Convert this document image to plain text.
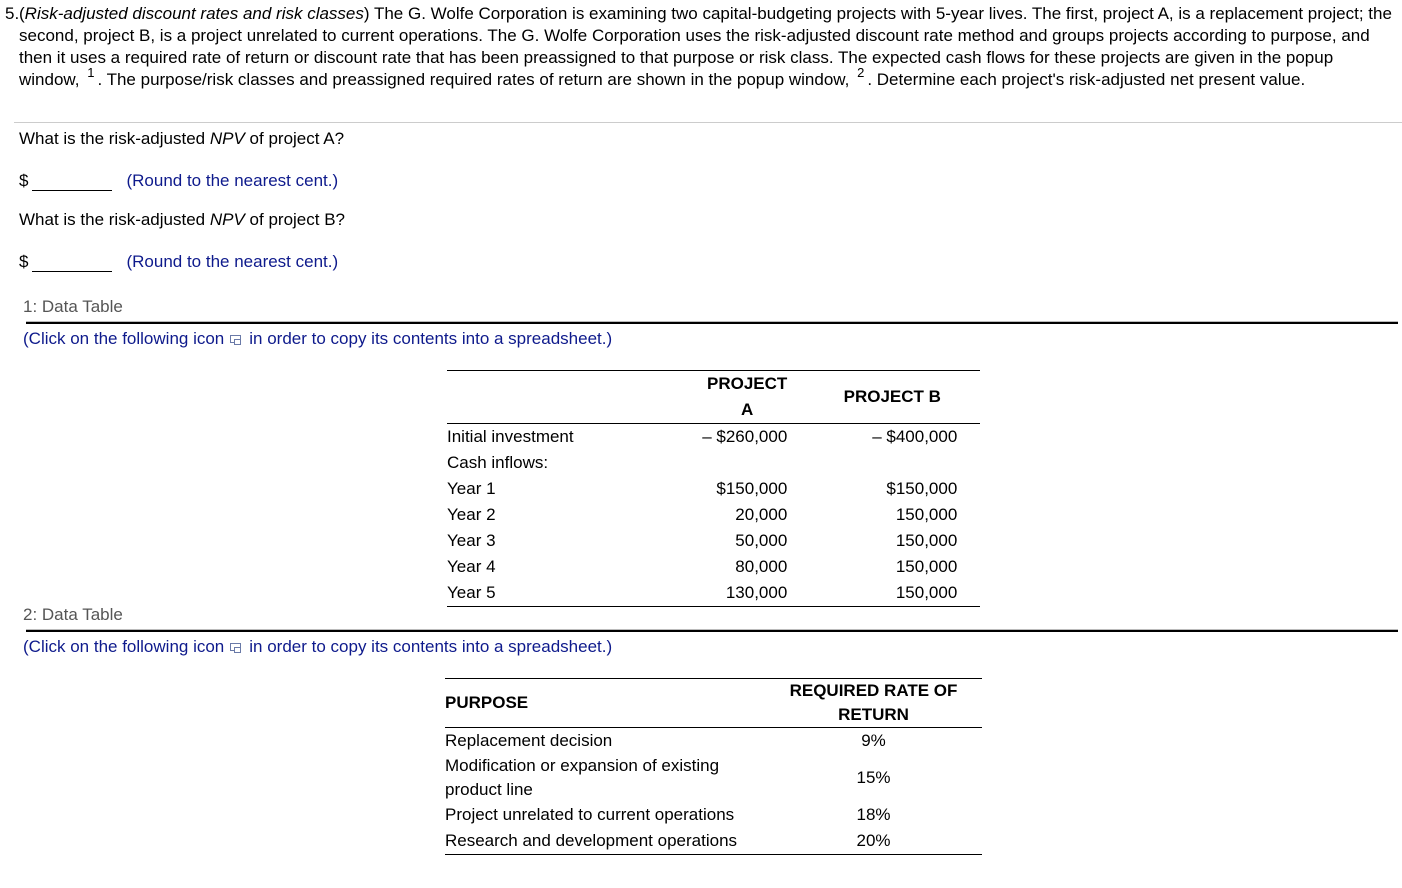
5. (Risk-adjusted discount rates and risk classes) The G. Wolfe Corporation is examining two capital-budgeting projects with 5-year lives. The first, project A, is a replacement project; the second, project B, is a project unrelated to current operations. The G. Wolfe Corporation uses the risk-adjusted discount rate method and groups projects according to purpose, and then it uses a required rate of return or discount rate that has been preassigned to that purpose or risk class. The expected cash flows for these projects are given in the popup window, $^1$ . The purpose/risk classes and preassigned required rates of return are shown in the popup window, $^2$ . Determine each project's risk-adjusted net present value.
What is the risk-adjusted NPV of project A?
$	(Round to the nearest cent.)
What is the risk-adjusted NPV of project B?
$	(Round to the nearest cent.)
1: Data Table
(Click on the following icon in order to copy its contents into a spreadsheet.)
	PROJECT A	PROJECT B	
Initial investment	– $260,000	– $400,000	
Cash inflows:			
Year 1	$150,000	$150,000	
Year 2	20,000	150,000	
Year 3	50,000	150,000	
Year 4	80,000	150,000	
Year 5	130,000	150,000	
2: Data Table
(Click on the following icon in order to copy its contents into a spreadsheet.)
PURPOSE	REQUIRED RATE OF RETURN
Replacement decision	9%
Modification or expansion of existing product line	15%
Project unrelated to current operations	18%
Research and development operations	20%
